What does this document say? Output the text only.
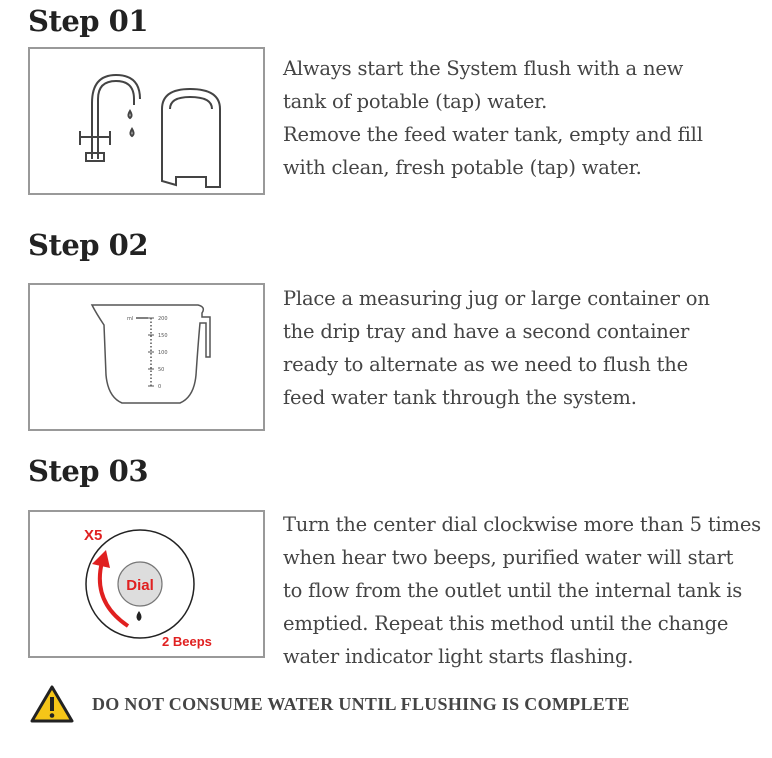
Step 01
Always start the System flush with a new
tank of potable (tap) water.
Remove the feed water tank, empty and fill
with clean, fresh potable (tap) water.
Step 02
ml	200
150
100
50
0
Place a measuring jug or large container on
the drip tray and have a second container
ready to alternate as we need to flush the
feed water tank through the system.
Step 03
Dial
X5
2 Beeps
Turn the center dial clockwise more than 5 times
when hear two beeps, purified water will start
to flow from the outlet until the internal tank is
emptied. Repeat this method until the change
water indicator light starts flashing.
DO NOT CONSUME WATER UNTIL FLUSHING IS COMPLETE
